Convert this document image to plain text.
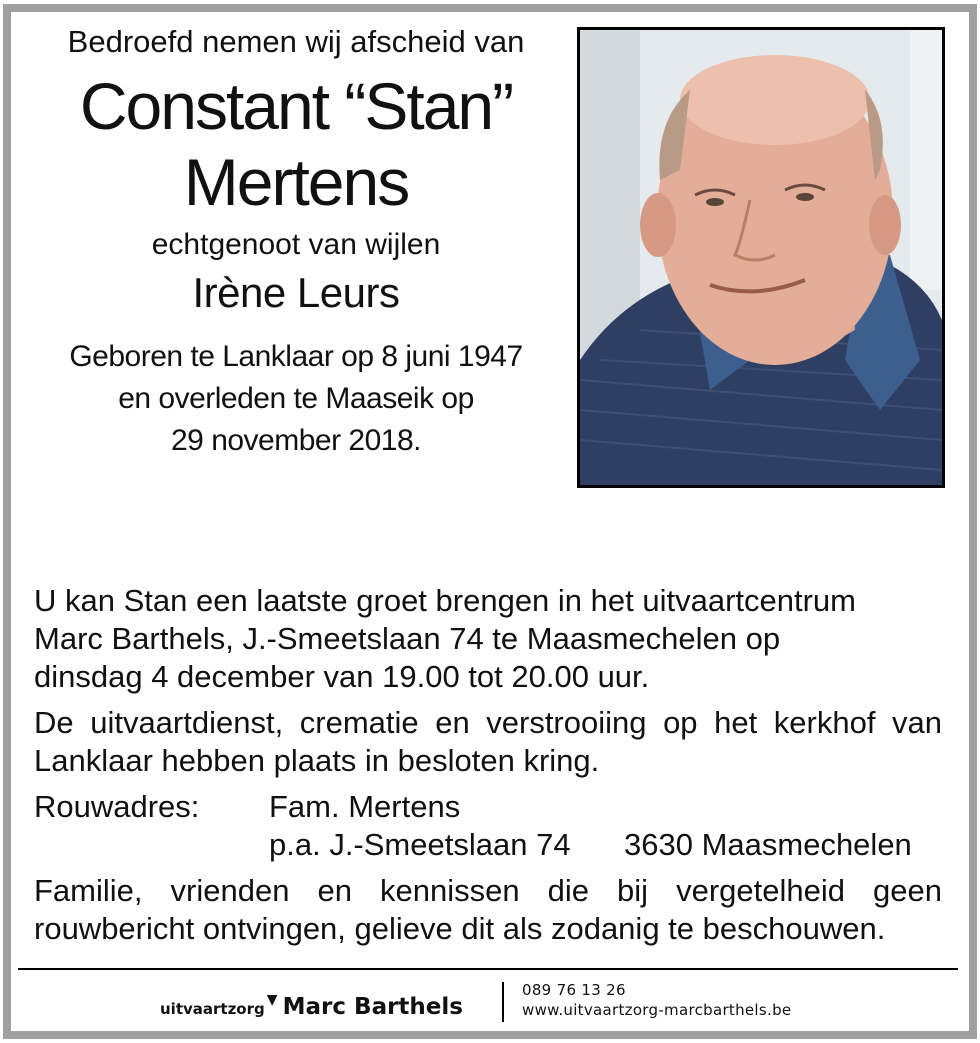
Bedroefd nemen wij afscheid van
Constant “Stan”
Mertens
echtgenoot van wijlen
Irène Leurs
Geboren te Lanklaar op 8 juni 1947
en overleden te Maaseik op
29 november 2018.
U kan Stan een laatste groet brengen in het uitvaartcentrum
Marc Barthels, J.-Smeetslaan 74 te Maasmechelen op
dinsdag 4 december van 19.00 tot 20.00 uur.
De uitvaartdienst, crematie en verstrooiing op het kerkhof van
Lanklaar hebben plaats in besloten kring.
Rouwadres:	Fam. Mertens
p.a. J.-Smeetslaan 74	3630 Maasmechelen
Familie, vrienden en kennissen die bij vergetelheid geen
rouwbericht ontvingen, gelieve dit als zodanig te beschouwen.
uitvaartzorg ▼ Marc Barthels
089 76 13 26
www.uitvaartzorg-marcbarthels.be
